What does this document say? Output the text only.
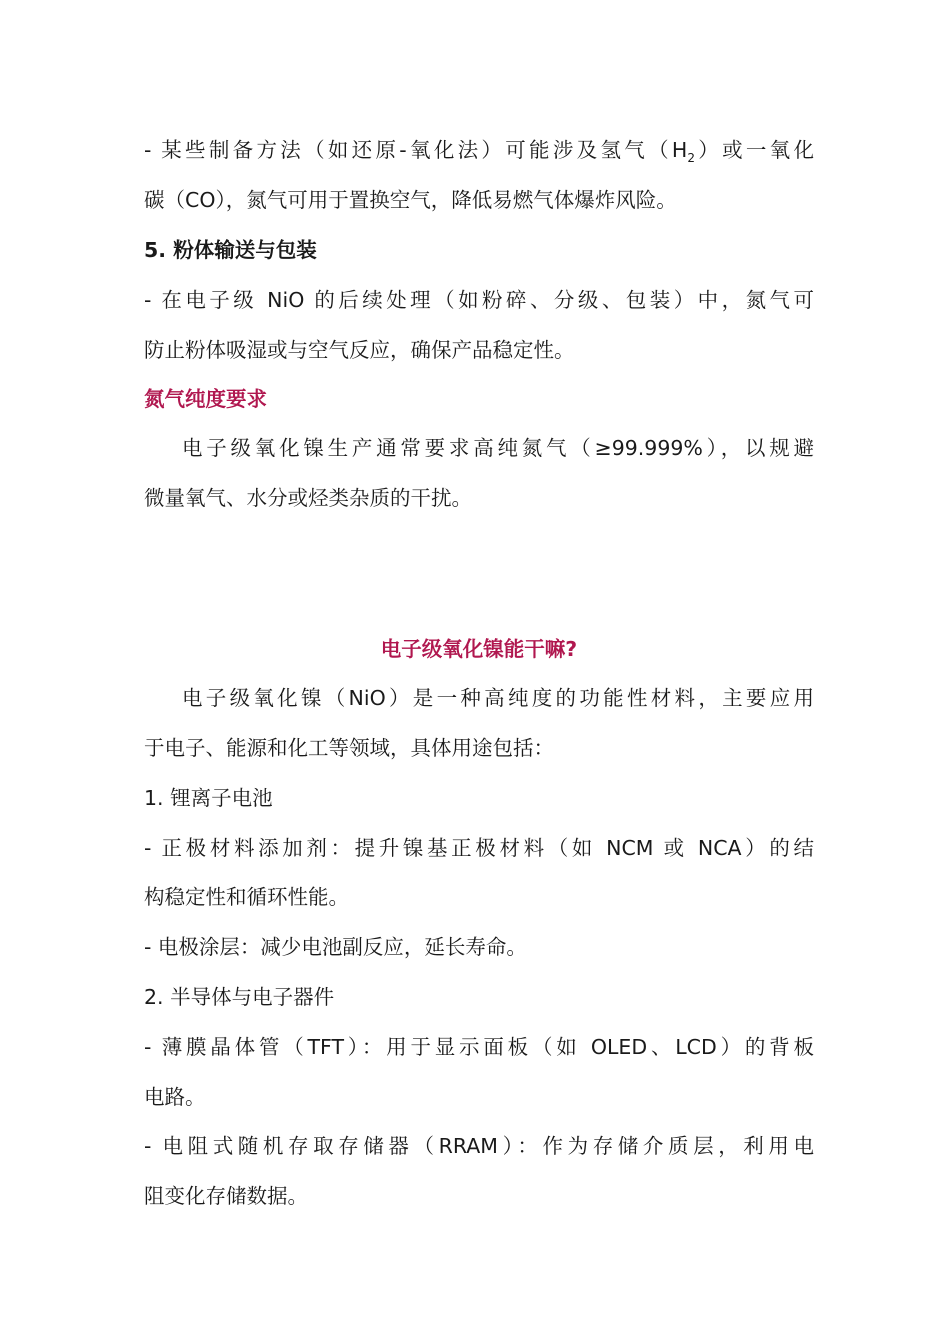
- 某些制备方法（如还原-氧化法）可能涉及氢气$(H_2)$或一氧化
碳（CO），氮气可用于置换空气，降低易燃气体爆炸风险。
5. 粉体输送与包装
- 在电子级 NiO 的后续处理（如粉碎、分级、包装）中，氮气可
防止粉体吸湿或与空气反应，确保产品稳定性。
氮气纯度要求
电子级氧化镍生产通常要求高纯氮气（≥99.999%），以规避
微量氧气、水分或烃类杂质的干扰。
电子级氧化镍能干嘛?
电子级氧化镍（NiO）是一种高纯度的功能性材料，主要应用
于电子、能源和化工等领域，具体用途包括：
1. 锂离子电池
- 正极材料添加剂：提升镍基正极材料（如 NCM 或 NCA）的结
构稳定性和循环性能。
- 电极涂层：减少电池副反应，延长寿命。
2. 半导体与电子器件
- 薄膜晶体管（TFT）：用于显示面板（如 OLED、LCD）的背板
电路。
- 电阻式随机存取存储器（RRAM）：作为存储介质层，利用电
阻变化存储数据。
